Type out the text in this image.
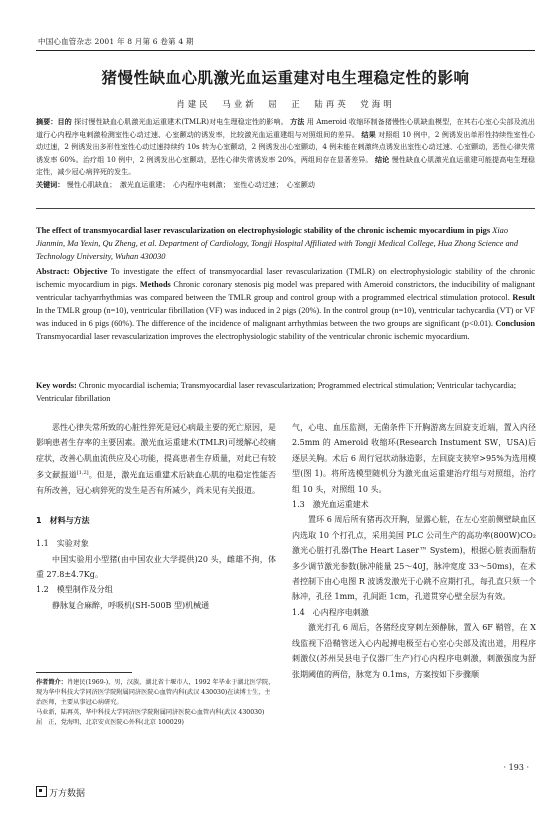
中国心血管杂志 2001 年 8 月第 6 卷第 4 期
猪慢性缺血心肌激光血运重建对电生理稳定性的影响
肖建民　马业新　屈　正　陆再英　党海明
摘要：目的 探讨慢性缺血心肌激光血运重建术(TMLR)对电生理稳定性的影响。 方法 用 Ameroid 收缩环制备猪慢性心肌缺血模型，在其右心室心尖部及流出道行心内程序电刺激检测室性心动过速、心室颤动的诱发率，比较激光血运重建组与对照组间的差异。 结果 对照组 10 例中，2 例诱发出单形性持续性室性心动过速，2 例诱发出多形性室性心动过速持续约 10s 转为心室颤动，2 例诱发出心室颤动，4 例未能在刺激终点诱发出室性心动过速、心室颤动，恶性心律失常诱发率 60%。治疗组 10 例中，2 例诱发出心室颤动，恶性心律失常诱发率 20%，两组间存在显著差异。 结论 慢性缺血心肌激光血运重建可能提高电生理稳定性，减少冠心病猝死的发生。
关键词： 慢性心肌缺血；　激光血运重建；　心内程序电刺激；　室性心动过速；　心室颤动
The effect of transmyocardial laser revascularization on electrophysiologic stability of the chronic ischemic myocardium in pigs Xiao Jianmin, Ma Yexin, Qu Zheng, et al. Department of Cardiology, Tongji Hospital Affiliated with Tongji Medical College, Hua Zhong Science and Technology University, Wuhan 430030
Abstract: Objective To investigate the effect of transmyocardial laser revascularization (TMLR) on electrophysiologic stability of the chronic ischemic myocardium in pigs. Methods Chronic coronary stenosis pig model was prepared with Ameroid constrictors, the inducibility of malignant ventricular tachyarrhythmias was compared between the TMLR group and control group with a programmed electrical stimulation protocol. Result In the TMLR group (n=10), ventricular fibrillation (VF) was induced in 2 pigs (20%). In the control group (n=10), ventricular tachycardia (VT) or VF was induced in 6 pigs (60%). The difference of the incidence of malignant arrhythmias between the two groups are significant (p<0.01). Conclusion Transmyocardial laser revascularization improves the electrophysiologic stability of the ventricular chronic ischemic myocardium.
Key words: Chronic myocardial ischemia; Transmyocardial laser revascularization; Programmed electrical stimulation; Ventricular tachycardia; Ventricular fibrillation

恶性心律失常所致的心脏性猝死是冠心病最主要的死亡原因，是影响患者生存率的主要因素。激光血运重建术(TMLR)可缓解心绞痛症状，改善心肌血流供应及心功能，提高患者生存质量，对此已有较多文献报道[1,2]。但是，激光血运重建术后缺血心肌的电稳定性能否有所改善，冠心病猝死的发生是否有所减少，尚未见有关报道。

1　材料与方法

1.1　实验对象

中国实验用小型猪(由中国农业大学提供)20 头，雌雄不拘，体重 27.8±4.7Kg。

1.2　模型制作及分组

静脉复合麻醉，呼吸机(SH-500B 型)机械通

气，心电、血压监测，无菌条件下开胸游离左回旋支近端，置入内径 2.5mm 的 Ameroid 收缩环(Research Instument SW，USA)后逐层关胸。术后 6 周行冠状动脉造影，左回旋支狭窄>95%为选用模型(图 1)。将所选模型随机分为激光血运重建治疗组与对照组，治疗组 10 头，对照组 10 头。

1.3　激光血运重建术

置环 6 周后所有猪再次开胸，显露心脏，在左心室前侧壁缺血区内选取 10 个打孔点，采用美国 PLC 公司生产的高功率(800W)CO₂ 激光心脏打孔器(The Heart Laser™ System)，根据心脏表面脂肪多少调节激光参数(脉冲能量 25～40J，脉冲宽度 33～50ms)，在术者控制下由心电图 R 波诱发激光于心跳不应期打孔，每孔直只须一个脉冲，孔径 1mm，孔间距 1cm，孔道贯穿心壁全层为有效。

1.4　心内程序电刺激

激光打孔 6 周后，各猪经皮穿刺左颈静脉，置入 6F 鞘管，在 X 线监视下沿鞘管送入心内起搏电极至右心室心尖部及流出道，用程序刺激仪(苏州吴县电子仪器厂生产)行心内程序电刺激，刺激强度为舒张期阈值的两倍，脉宽为 0.1ms，方案按如下步骤顺

作者简介：肖建民(1969-)，男，汉族，湖北省十堰市人，1992 年毕业于湖北医学院，现为华中科技大学同济医学院附属同济医院心血管内科(武汉 430030)在读博士生，主治医师，主要从事冠心病研究。
马业新，陆再英，华中科技大学同济医学院附属同济医院心血管内科(武汉 430030)
屈　正，党海明，北京安贞医院心外科(北京 100029)
· 193 ·
万方数据
